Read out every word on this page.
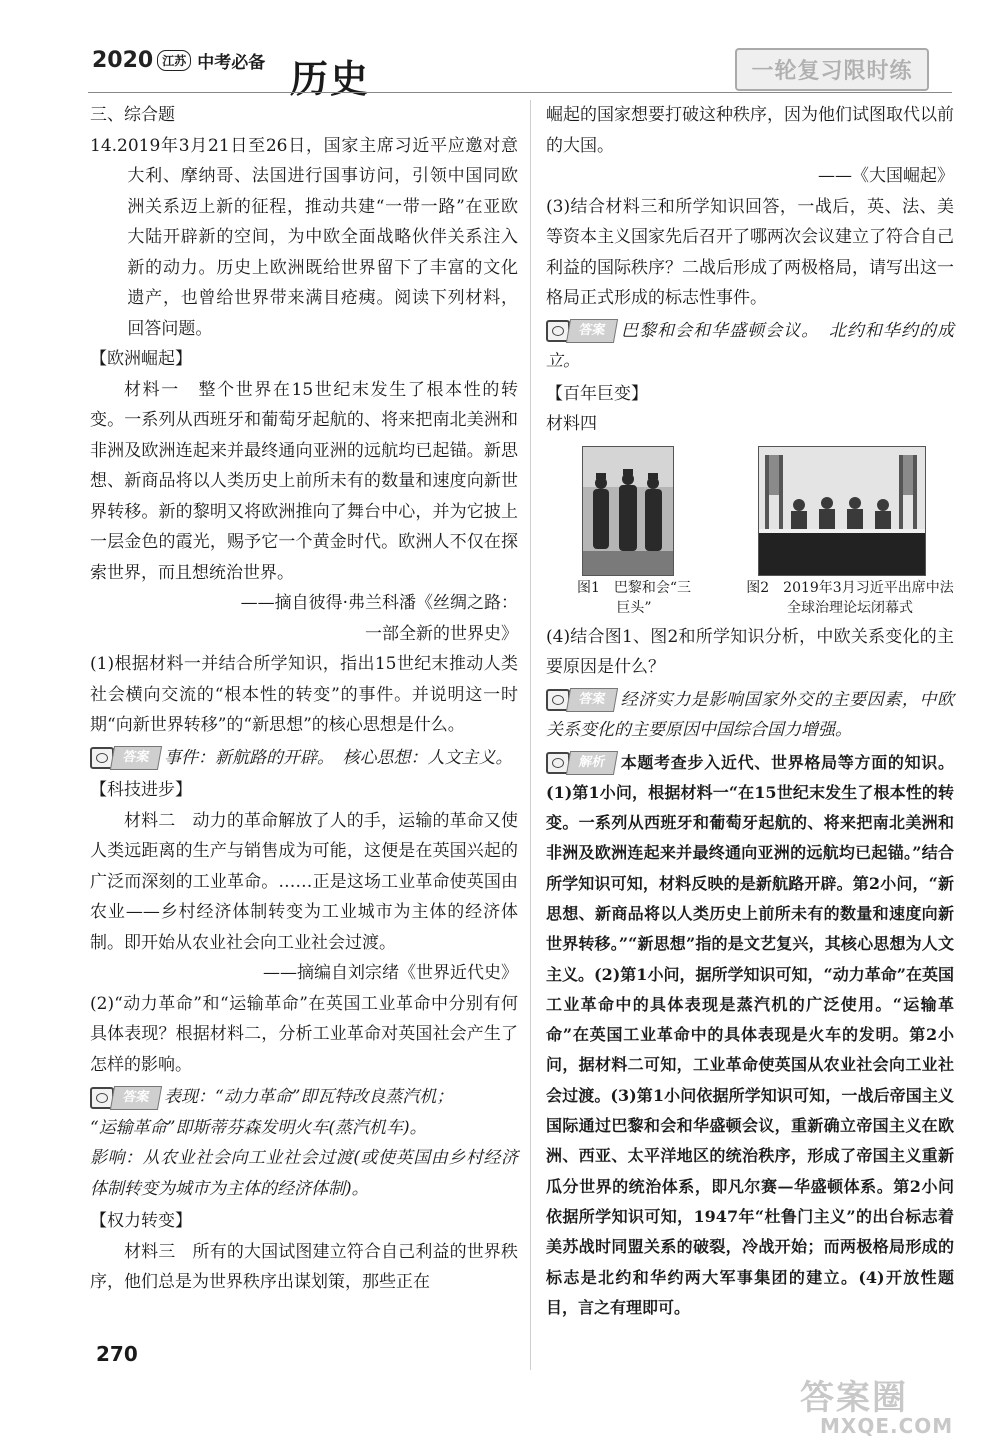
2020 江苏 中考必备 历史	一轮复习限时练

三、综合题

14.2019年3月21日至26日，国家主席习近平应邀对意大利、摩纳哥、法国进行国事访问，引领中国同欧洲关系迈上新的征程，推动共建“一带一路”在亚欧大陆开辟新的空间，为中欧全面战略伙伴关系注入新的动力。历史上欧洲既给世界留下了丰富的文化遗产，也曾给世界带来满目疮痍。阅读下列材料，回答问题。

【欧洲崛起】

材料一　整个世界在15世纪末发生了根本性的转变。一系列从西班牙和葡萄牙起航的、将来把南北美洲和非洲及欧洲连起来并最终通向亚洲的远航均已起锚。新思想、新商品将以人类历史上前所未有的数量和速度向新世界转移。新的黎明又将欧洲推向了舞台中心，并为它披上一层金色的霞光，赐予它一个黄金时代。欧洲人不仅在探索世界，而且想统治世界。

——摘自彼得·弗兰科潘《丝绸之路：

一部全新的世界史》

(1)根据材料一并结合所学知识，指出15世纪末推动人类社会横向交流的“根本性的转变”的事件。并说明这一时期“向新世界转移”的“新思想”的核心思想是什么。

答案 事件：新航路的开辟。　核心思想：人文主义。

【科技进步】

材料二　动力的革命解放了人的手，运输的革命又使人类远距离的生产与销售成为可能，这便是在英国兴起的广泛而深刻的工业革命。……正是这场工业革命使英国由农业——乡村经济体制转变为工业城市为主体的经济体制。即开始从农业社会向工业社会过渡。

——摘编自刘宗绪《世界近代史》

(2)“动力革命”和“运输革命”在英国工业革命中分别有何具体表现？根据材料二，分析工业革命对英国社会产生了怎样的影响。

答案 表现：“动力革命”即瓦特改良蒸汽机；

“运输革命”即斯蒂芬森发明火车(蒸汽机车)。

影响：从农业社会向工业社会过渡(或使英国由乡村经济体制转变为城市为主体的经济体制)。

【权力转变】

材料三　所有的大国试图建立符合自己利益的世界秩序，他们总是为世界秩序出谋划策，那些正在

崛起的国家想要打破这种秩序，因为他们试图取代以前的大国。

——《大国崛起》

(3)结合材料三和所学知识回答，一战后，英、法、美等资本主义国家先后召开了哪两次会议建立了符合自己利益的国际秩序？二战后形成了两极格局，请写出这一格局正式形成的标志性事件。

答案 巴黎和会和华盛顿会议。　北约和华约的成立。

【百年巨变】

材料四

图1　巴黎和会“三巨头”
图2　2019年3月习近平出席中法全球治理论坛闭幕式

(4)结合图1、图2和所学知识分析，中欧关系变化的主要原因是什么？

答案 经济实力是影响国家外交的主要因素，中欧关系变化的主要原因中国综合国力增强。

解析 本题考查步入近代、世界格局等方面的知识。(1)第1小问，根据材料一“在15世纪末发生了根本性的转变。一系列从西班牙和葡萄牙起航的、将来把南北美洲和非洲及欧洲连起来并最终通向亚洲的远航均已起锚。”结合所学知识可知，材料反映的是新航路开辟。第2小问，“新思想、新商品将以人类历史上前所未有的数量和速度向新世界转移。”“新思想”指的是文艺复兴，其核心思想为人文主义。(2)第1小问，据所学知识可知，“动力革命”在英国工业革命中的具体表现是蒸汽机的广泛使用。“运输革命”在英国工业革命中的具体表现是火车的发明。第2小问，据材料二可知，工业革命使英国从农业社会向工业社会过渡。(3)第1小问依据所学知识可知，一战后帝国主义国际通过巴黎和会和华盛顿会议，重新确立帝国主义在欧洲、西亚、太平洋地区的统治秩序，形成了帝国主义重新瓜分世界的统治体系，即凡尔赛—华盛顿体系。第2小问依据所学知识可知，1947年“杜鲁门主义”的出台标志着美苏战时同盟关系的破裂，冷战开始；而两极格局形成的标志是北约和华约两大军事集团的建立。(4)开放性题目，言之有理即可。

270
答案圈
MXQE.COM
